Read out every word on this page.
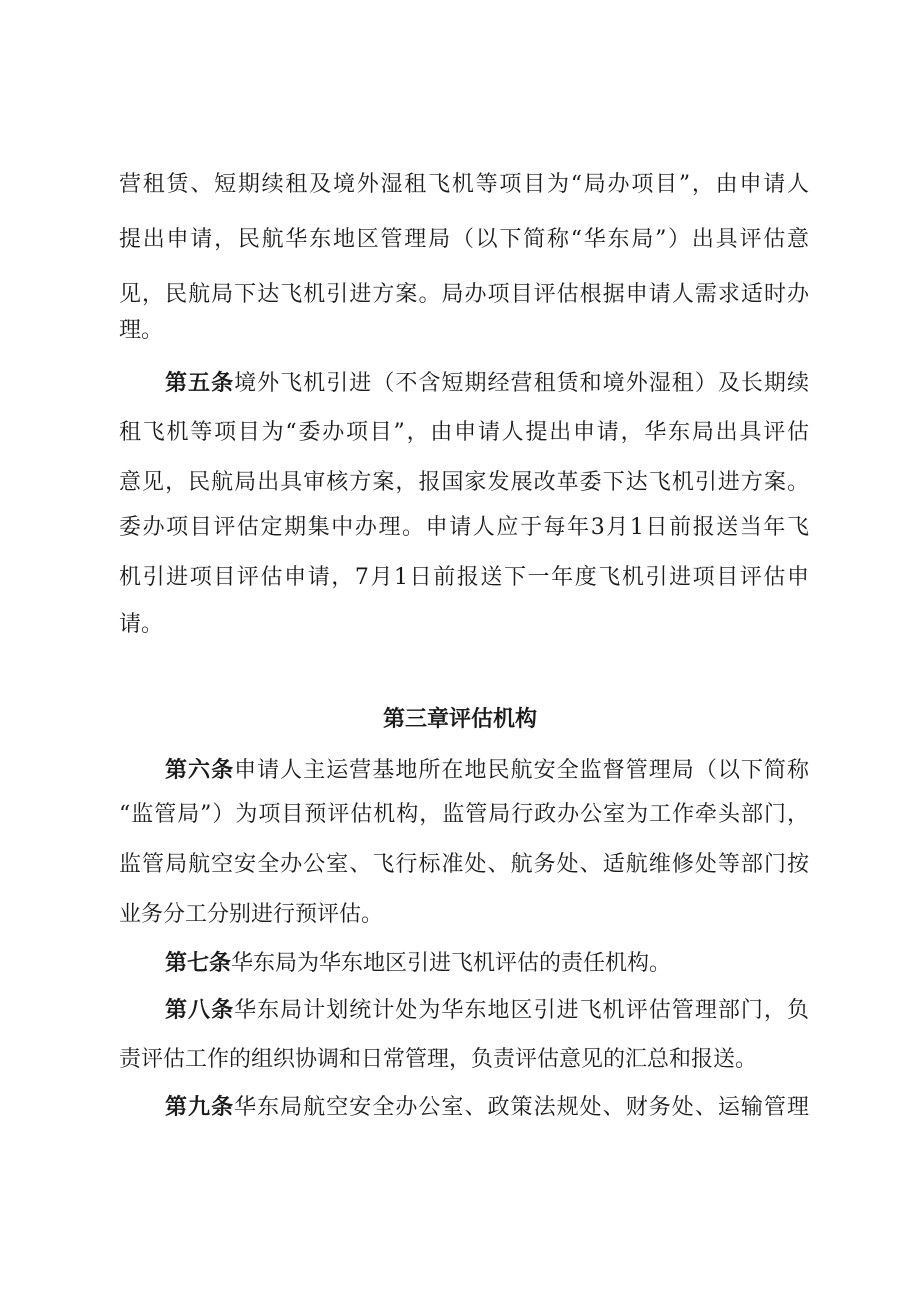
营租赁、短期续租及境外湿租飞机等项目为“局办项目”，由申请人
提出申请，民航华东地区管理局（以下简称“华东局”）出具评估意
见，民航局下达飞机引进方案。局办项目评估根据申请人需求适时办
理。
第五条境外飞机引进（不含短期经营租赁和境外湿租）及长期续
租飞机等项目为“委办项目”，由申请人提出申请，华东局出具评估
意见，民航局出具审核方案，报国家发展改革委下达飞机引进方案。
委办项目评估定期集中办理。申请人应于每年3月1日前报送当年飞
机引进项目评估申请，7月1日前报送下一年度飞机引进项目评估申
请。
第三章评估机构
第六条申请人主运营基地所在地民航安全监督管理局（以下简称
“监管局”）为项目预评估机构，监管局行政办公室为工作牵头部门，
监管局航空安全办公室、飞行标准处、航务处、适航维修处等部门按
业务分工分别进行预评估。
第七条华东局为华东地区引进飞机评估的责任机构。
第八条华东局计划统计处为华东地区引进飞机评估管理部门，负
责评估工作的组织协调和日常管理，负责评估意见的汇总和报送。
第九条华东局航空安全办公室、政策法规处、财务处、运输管理
